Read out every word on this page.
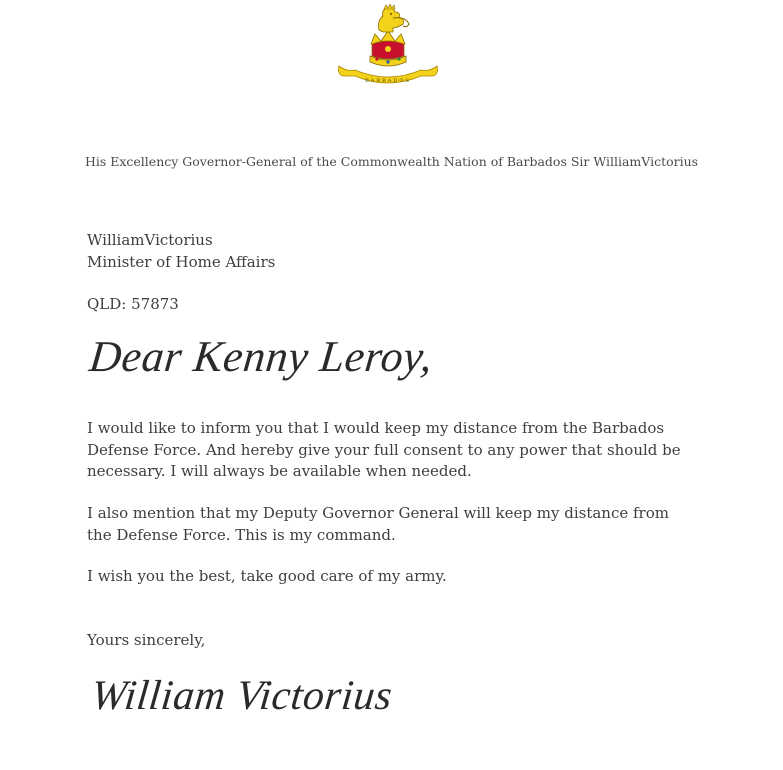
BARBADOS
His Excellency Governor-General of the Commonwealth Nation of Barbados Sir WilliamVictorius
WilliamVictorius
Minister of Home Affairs
QLD: 57873
Dear Kenny Leroy,

I would like to inform you that I would keep my distance from the Barbados Defense Force. And hereby give your full consent to any power that should be necessary. I will always be available when needed.

I also mention that my Deputy Governor General will keep my distance from the Defense Force. This is my command.

I wish you the best, take good care of my army.

Yours sincerely,
William Victorius
